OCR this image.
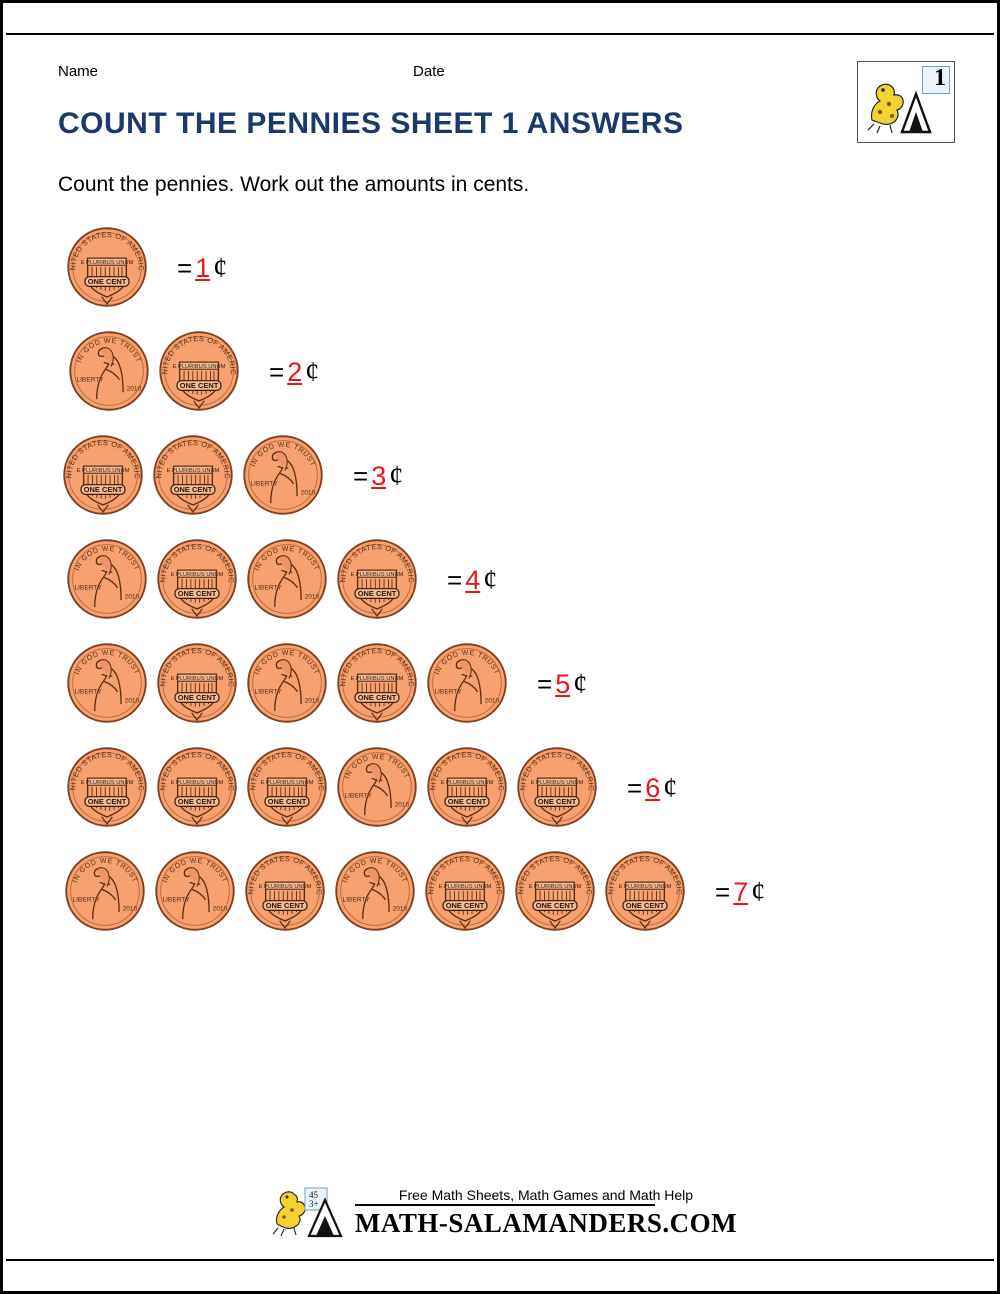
Name	Date
COUNT THE PENNIES SHEET 1 ANSWERS
Count the pennies. Work out the amounts in cents.
1
NITED STATES OF AMERIC
E PLURIBUS UNUM
ONE CENT = 1 ¢
IN GOD WE TRUST
LIBERTY
2010
NITED STATES OF AMERIC
E PLURIBUS UNUM
ONE CENT = 2 ¢
NITED STATES OF AMERIC
E PLURIBUS UNUM
ONE CENT
NITED STATES OF AMERIC
E PLURIBUS UNUM
ONE CENT
IN GOD WE TRUST
LIBERTY
2010
= 3 ¢
IN GOD WE TRUST
LIBERTY
2010
NITED STATES OF AMERIC
E PLURIBUS UNUM
ONE CENT
IN GOD WE TRUST
LIBERTY
2010
NITED STATES OF AMERIC
E PLURIBUS UNUM
ONE CENT = 4 ¢
IN GOD WE TRUST
LIBERTY
2010
NITED STATES OF AMERIC
E PLURIBUS UNUM
ONE CENT
IN GOD WE TRUST
LIBERTY
2010
NITED STATES OF AMERIC
E PLURIBUS UNUM
ONE CENT
IN GOD WE TRUST
LIBERTY
2010
= 5 ¢
NITED STATES OF AMERIC
E PLURIBUS UNUM
ONE CENT
NITED STATES OF AMERIC
E PLURIBUS UNUM
ONE CENT
NITED STATES OF AMERIC
E PLURIBUS UNUM
ONE CENT
IN GOD WE TRUST
LIBERTY
2010
NITED STATES OF AMERIC
E PLURIBUS UNUM
ONE CENT
NITED STATES OF AMERIC
E PLURIBUS UNUM
ONE CENT = 6 ¢
IN GOD WE TRUST
LIBERTY
2010
IN GOD WE TRUST
LIBERTY
2010
NITED STATES OF AMERIC
E PLURIBUS UNUM
ONE CENT
IN GOD WE TRUST
LIBERTY
2010
NITED STATES OF AMERIC
E PLURIBUS UNUM
ONE CENT
NITED STATES OF AMERIC
E PLURIBUS UNUM
ONE CENT
NITED STATES OF AMERIC
E PLURIBUS UNUM
ONE CENT = 7 ¢
45
3+
Free Math Sheets, Math Games and Math Help
MATH-SALAMANDERS.COM
